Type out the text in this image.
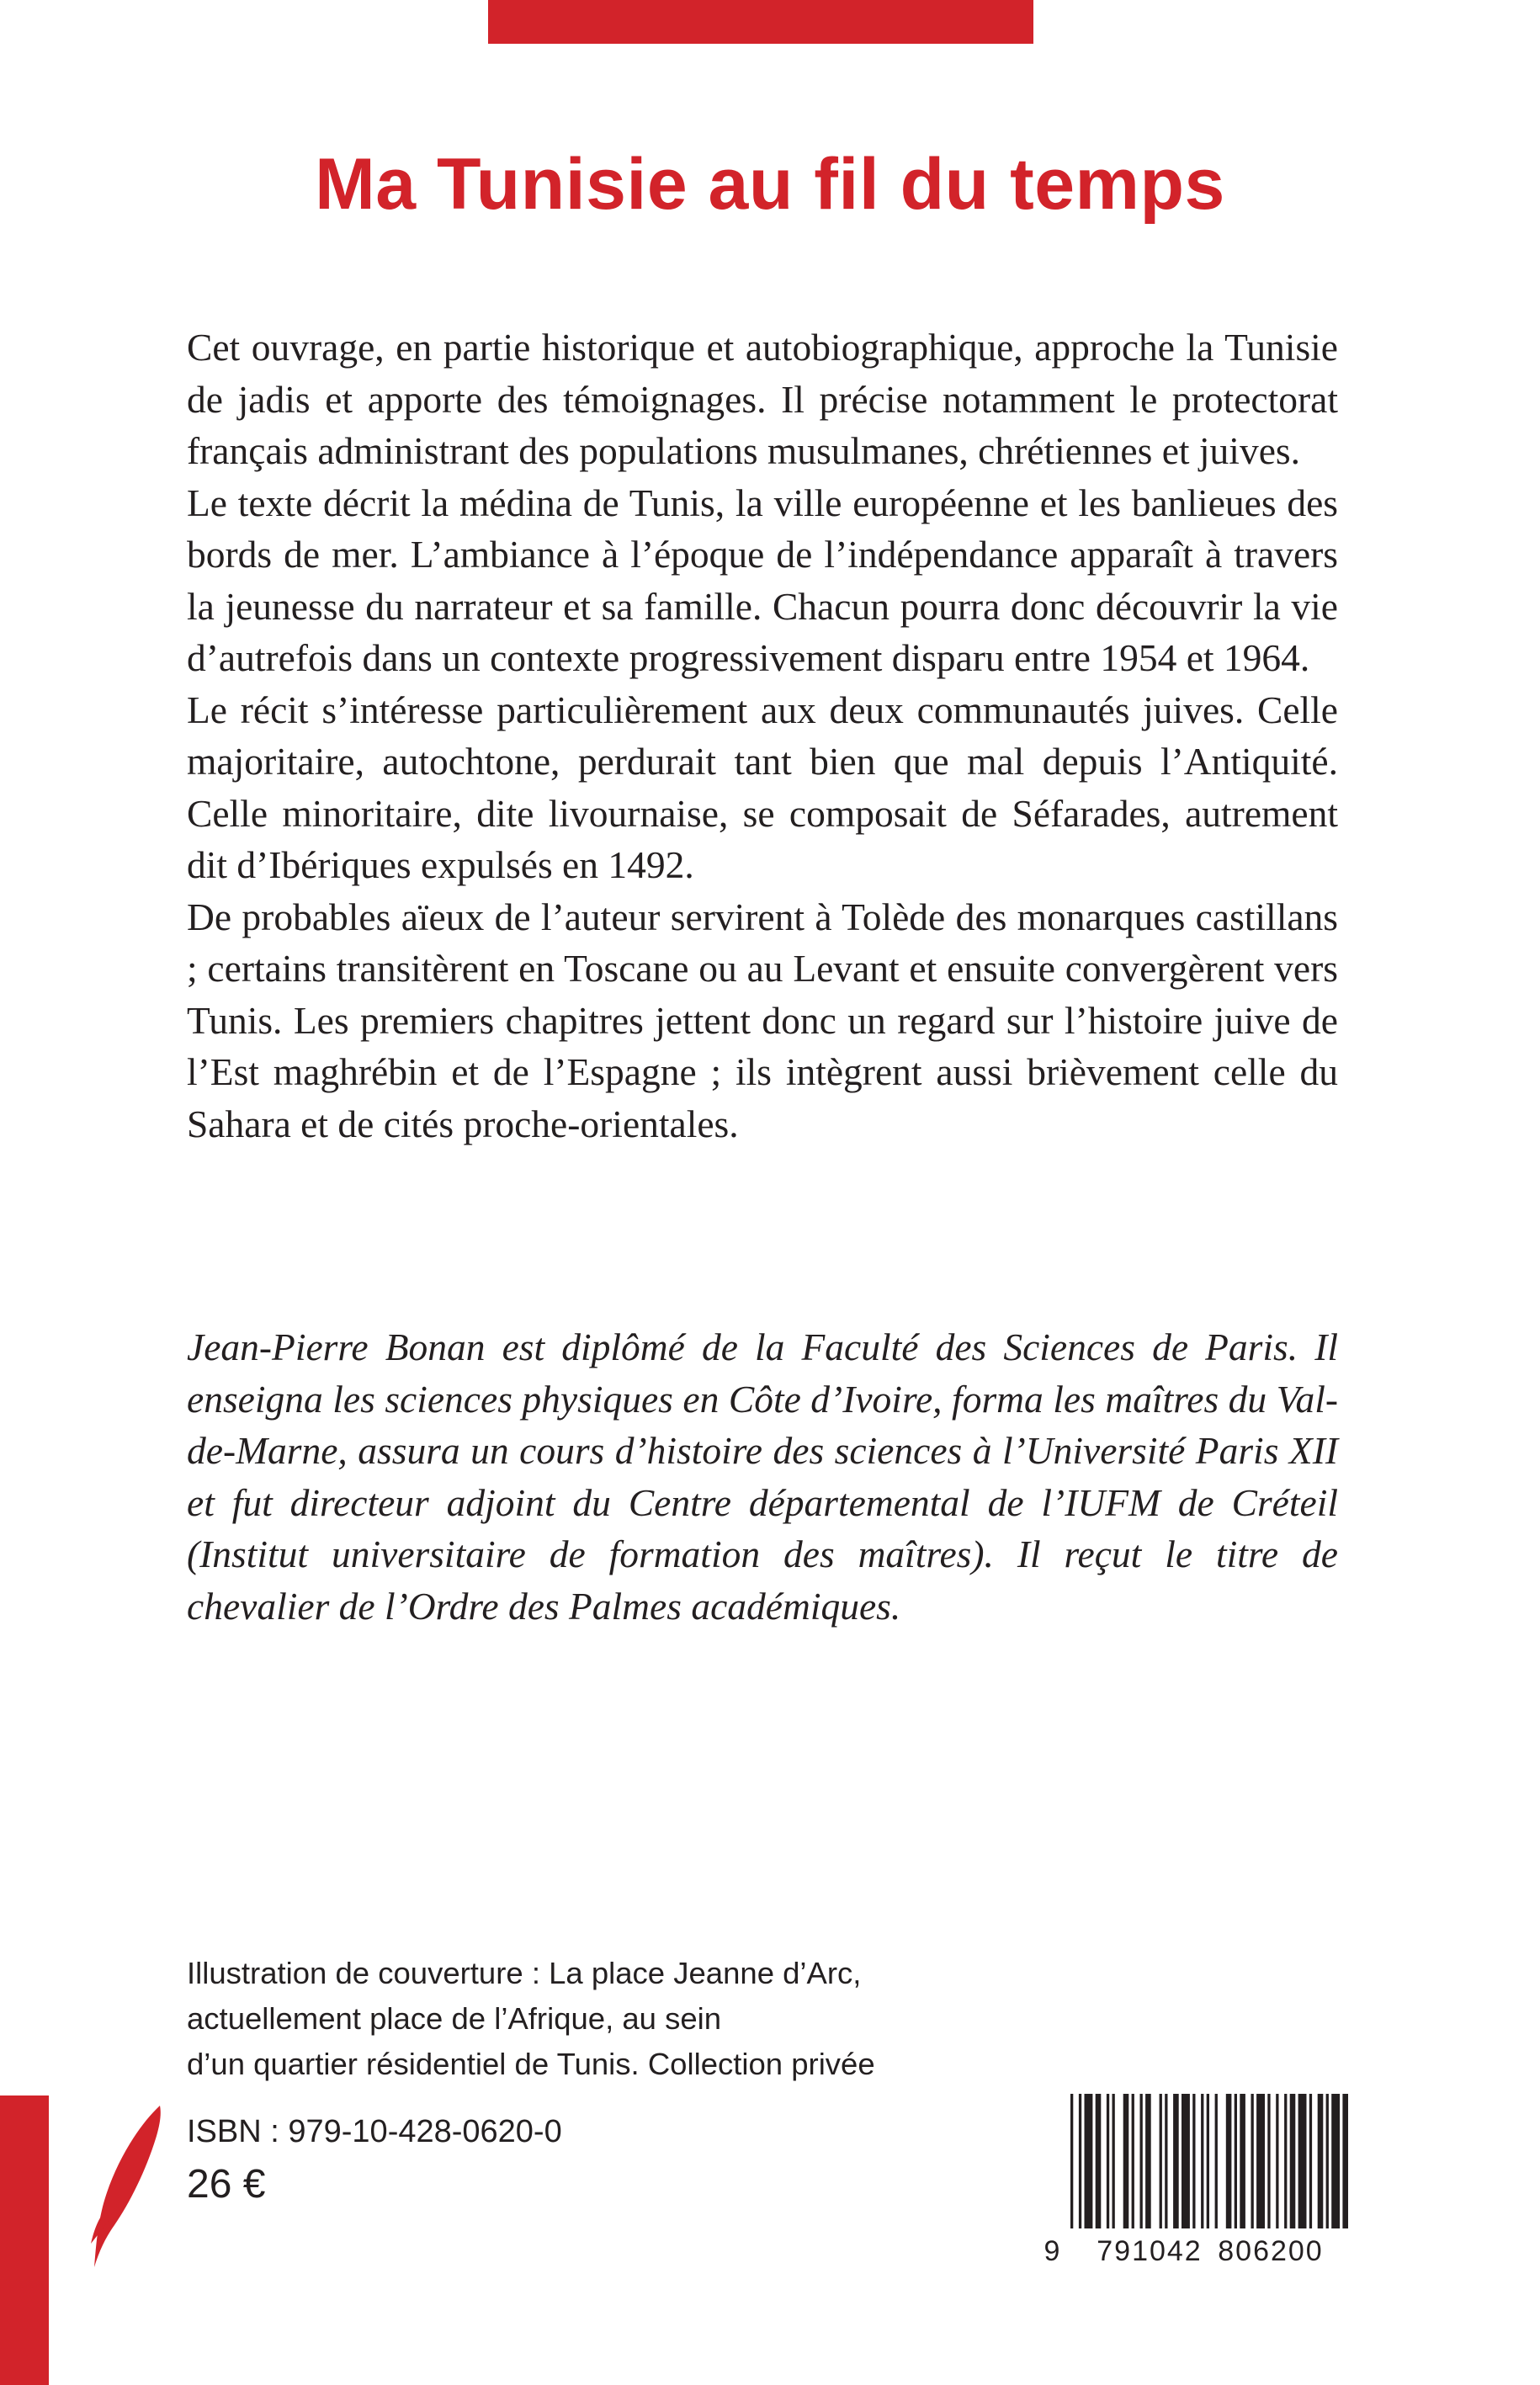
Ma Tunisie au fil du temps

Cet ouvrage, en partie historique et autobiographique, approche la Tunisie de jadis et apporte des témoignages. Il précise notamment le protectorat français administrant des populations musulmanes, chrétiennes et juives.

Le texte décrit la médina de Tunis, la ville européenne et les banlieues des bords de mer. L’ambiance à l’époque de l’indépendance apparaît à travers la jeunesse du narrateur et sa famille. Chacun pourra donc découvrir la vie d’autrefois dans un contexte progressivement disparu entre 1954 et 1964.

Le récit s’intéresse particulièrement aux deux communautés juives. Celle majoritaire, autochtone, perdurait tant bien que mal depuis l’Antiquité. Celle minoritaire, dite livournaise, se composait de Séfarades, autrement dit d’Ibériques expulsés en 1492.

De probables aïeux de l’auteur servirent à Tolède des monarques castillans ; certains transitèrent en Toscane ou au Levant et ensuite convergèrent vers Tunis. Les premiers chapitres jettent donc un regard sur l’histoire juive de l’Est maghrébin et de l’Espagne ; ils intègrent aussi brièvement celle du Sahara et de cités proche-orientales.

Jean-Pierre Bonan est diplômé de la Faculté des Sciences de Paris. Il enseigna les sciences physiques en Côte d’Ivoire, forma les maîtres du Val-de-Marne, assura un cours d’histoire des sciences à l’Université Paris XII et fut directeur adjoint du Centre départemental de l’IUFM de Créteil (Institut universitaire de formation des maîtres). Il reçut le titre de chevalier de l’Ordre des Palmes académiques.

Illustration de couverture : La place Jeanne d’Arc,
actuellement place de l’Afrique, au sein
d’un quartier résidentiel de Tunis. Collection privée
ISBN : 979-10-428-0620-0
26 €
9 791042 806200
